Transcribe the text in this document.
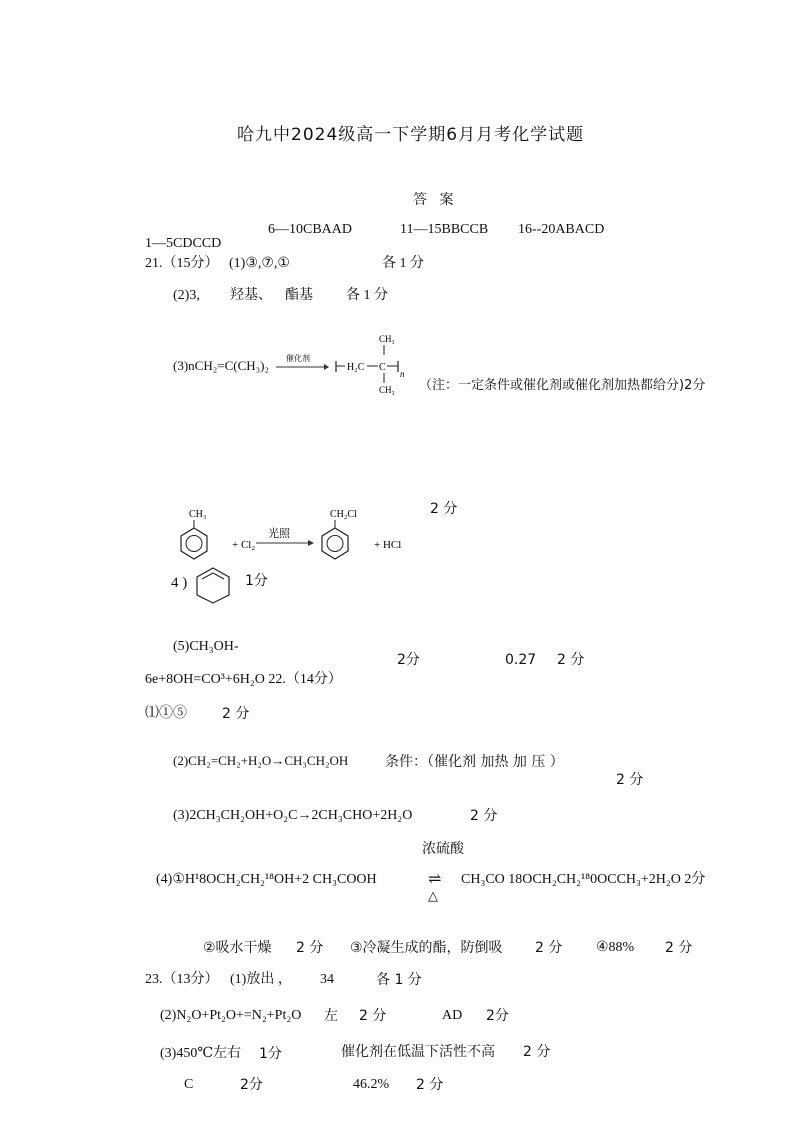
哈九中2024级高一下学期6月月考化学试题
答 案
6—10CBAAD	11—15BBCCB 16--20ABACD
1—5CDCCD
21.（15分） (1)③,⑦,①	各 1 分
(2)3, 羟基、 酯基 各 1 分
(3)nCH₂=C(CH₃)₂ 催化剂
CH₃
H₂C C
n
CH₃ （注：一定条件或催化剂或催化剂加热都给分)2分
CH₃
+ Cl₂
光照
CH₂Cl
+ HCl
2 分
4 )	1分
(5)CH₃OH-
2分	0.27 2 分
6e+8OH=CO³+6H₂O 22.（14分）
⑴①⑤	2 分
(2)CH₂=CH₂+H₂O→CH₃CH₂OH	条件：（催化剂 加热 加 压 ）
2 分
(3)2CH₃CH₂OH+O₂C→2CH₃CHO+2H₂O	2 分
浓硫酸
(4)①H¹8OCH₂CH₂¹⁸OH+2 CH₃COOH	⇌
△
CH₃CO 18OCH₂CH₂¹⁸0OCCH₃+2H₂O 2分
②吸水干燥 2 分 ③冷凝生成的酯，防倒吸 2 分 ④88% 2 分
23.（13分） (1)放出 ， 34	各 1 分
(2)N₂O+Pt₂O+=N₂+Pt₂O 左 2 分	AD 2分
(3)450℃左右 1分	催化剂在低温下活性不高 2 分
C	2分	46.2% 2 分
